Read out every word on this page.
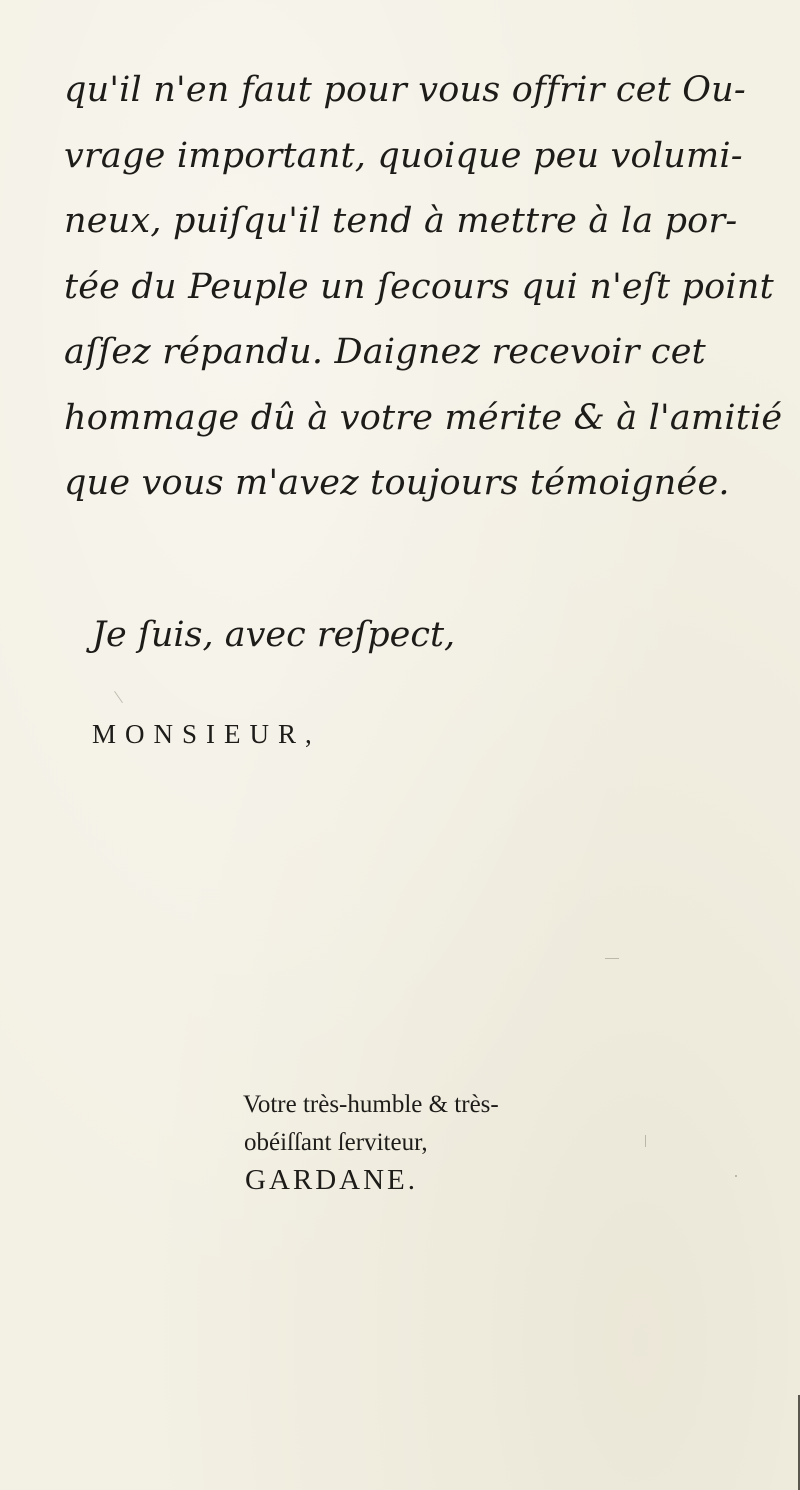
qu'il n'en faut pour vous offrir cet Ou-
vrage important, quoique peu volumi-
neux, puiſqu'il tend à mettre à la por-
tée du Peuple un ſecours qui n'eſt point
aſſez répandu. Daignez recevoir cet
hommage dû à votre mérite & à l'amitié
que vous m'avez toujours témoignée.
Je ſuis, avec reſpect,
MONSIEUR,
Votre très-humble & très-
obéiſſant ſerviteur,
GARDANE.
